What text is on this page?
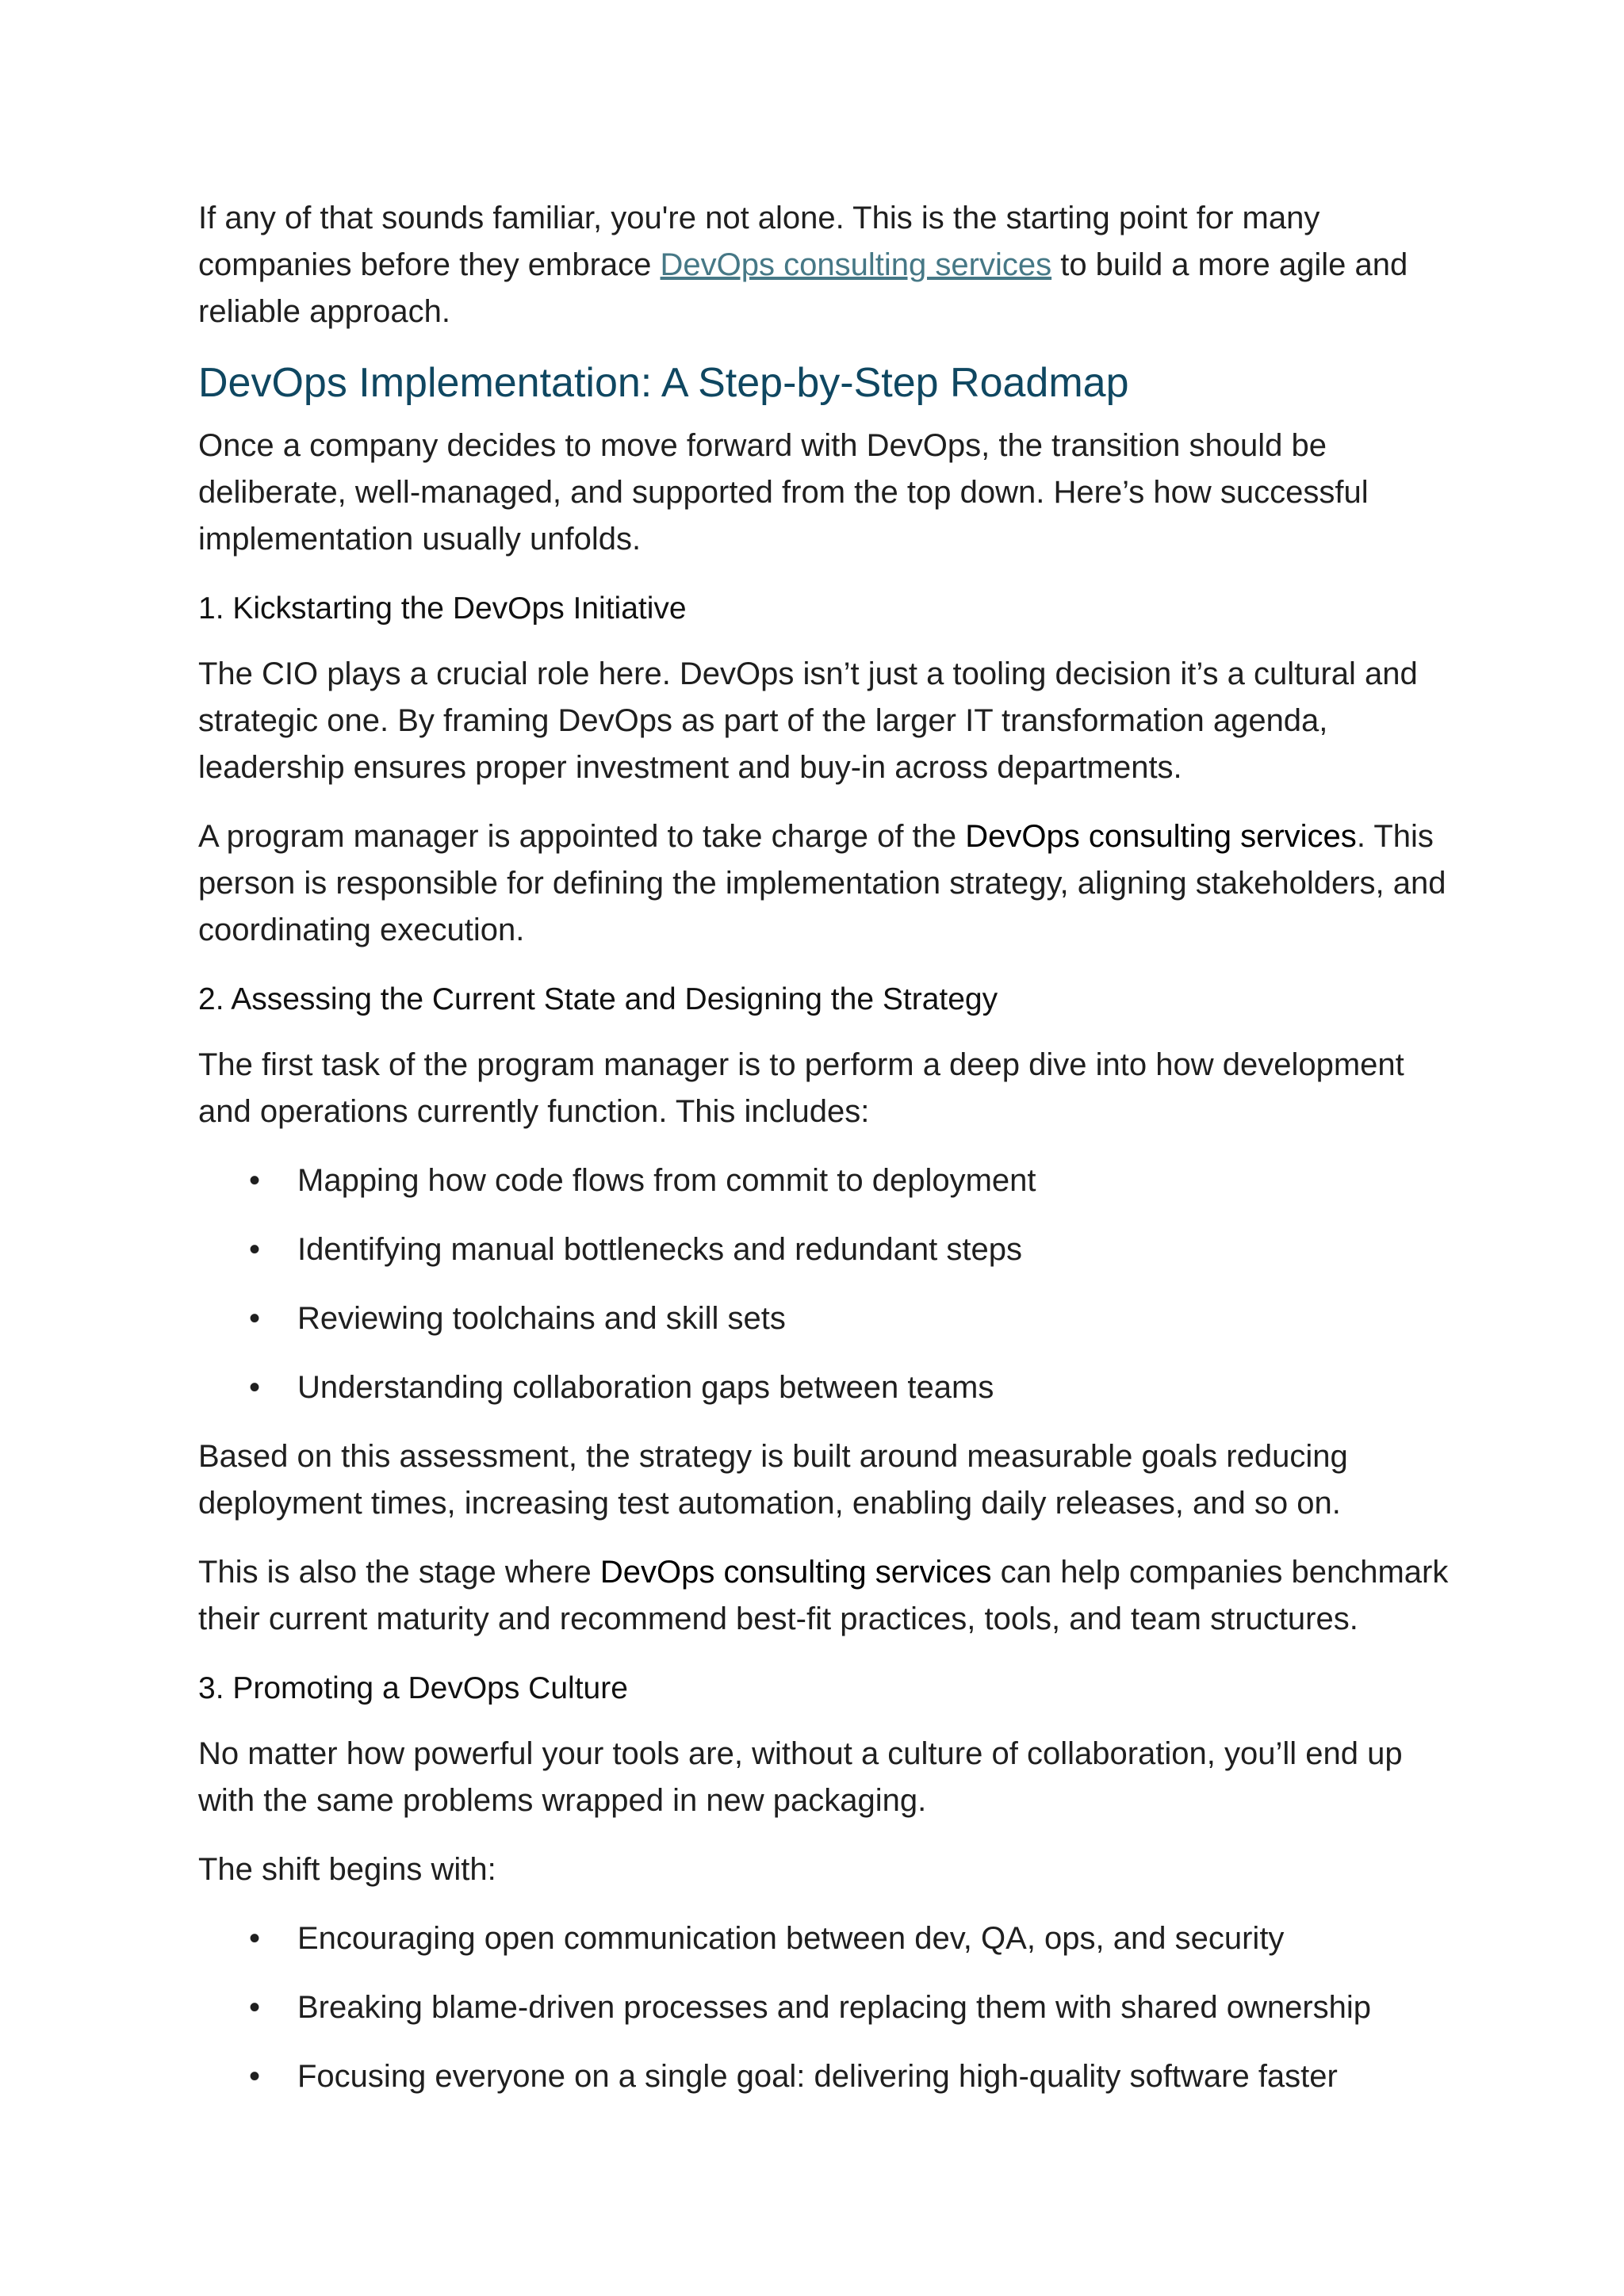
If any of that sounds familiar, you're not alone. This is the starting point for many companies before they embrace DevOps consulting services to build a more agile and reliable approach.

DevOps Implementation: A Step-by-Step Roadmap

Once a company decides to move forward with DevOps, the transition should be deliberate, well-managed, and supported from the top down. Here’s how successful implementation usually unfolds.

1. Kickstarting the DevOps Initiative

The CIO plays a crucial role here. DevOps isn’t just a tooling decision it’s a cultural and strategic one. By framing DevOps as part of the larger IT transformation agenda, leadership ensures proper investment and buy-in across departments.

A program manager is appointed to take charge of the DevOps consulting services. This person is responsible for defining the implementation strategy, aligning stakeholders, and coordinating execution.

2. Assessing the Current State and Designing the Strategy

The first task of the program manager is to perform a deep dive into how development and operations currently function. This includes:

• Mapping how code flows from commit to deployment
• Identifying manual bottlenecks and redundant steps
• Reviewing toolchains and skill sets
• Understanding collaboration gaps between teams

Based on this assessment, the strategy is built around measurable goals reducing deployment times, increasing test automation, enabling daily releases, and so on.

This is also the stage where DevOps consulting services can help companies benchmark their current maturity and recommend best-fit practices, tools, and team structures.

3. Promoting a DevOps Culture

No matter how powerful your tools are, without a culture of collaboration, you’ll end up with the same problems wrapped in new packaging.

The shift begins with:

• Encouraging open communication between dev, QA, ops, and security
• Breaking blame-driven processes and replacing them with shared ownership
• Focusing everyone on a single goal: delivering high-quality software faster
